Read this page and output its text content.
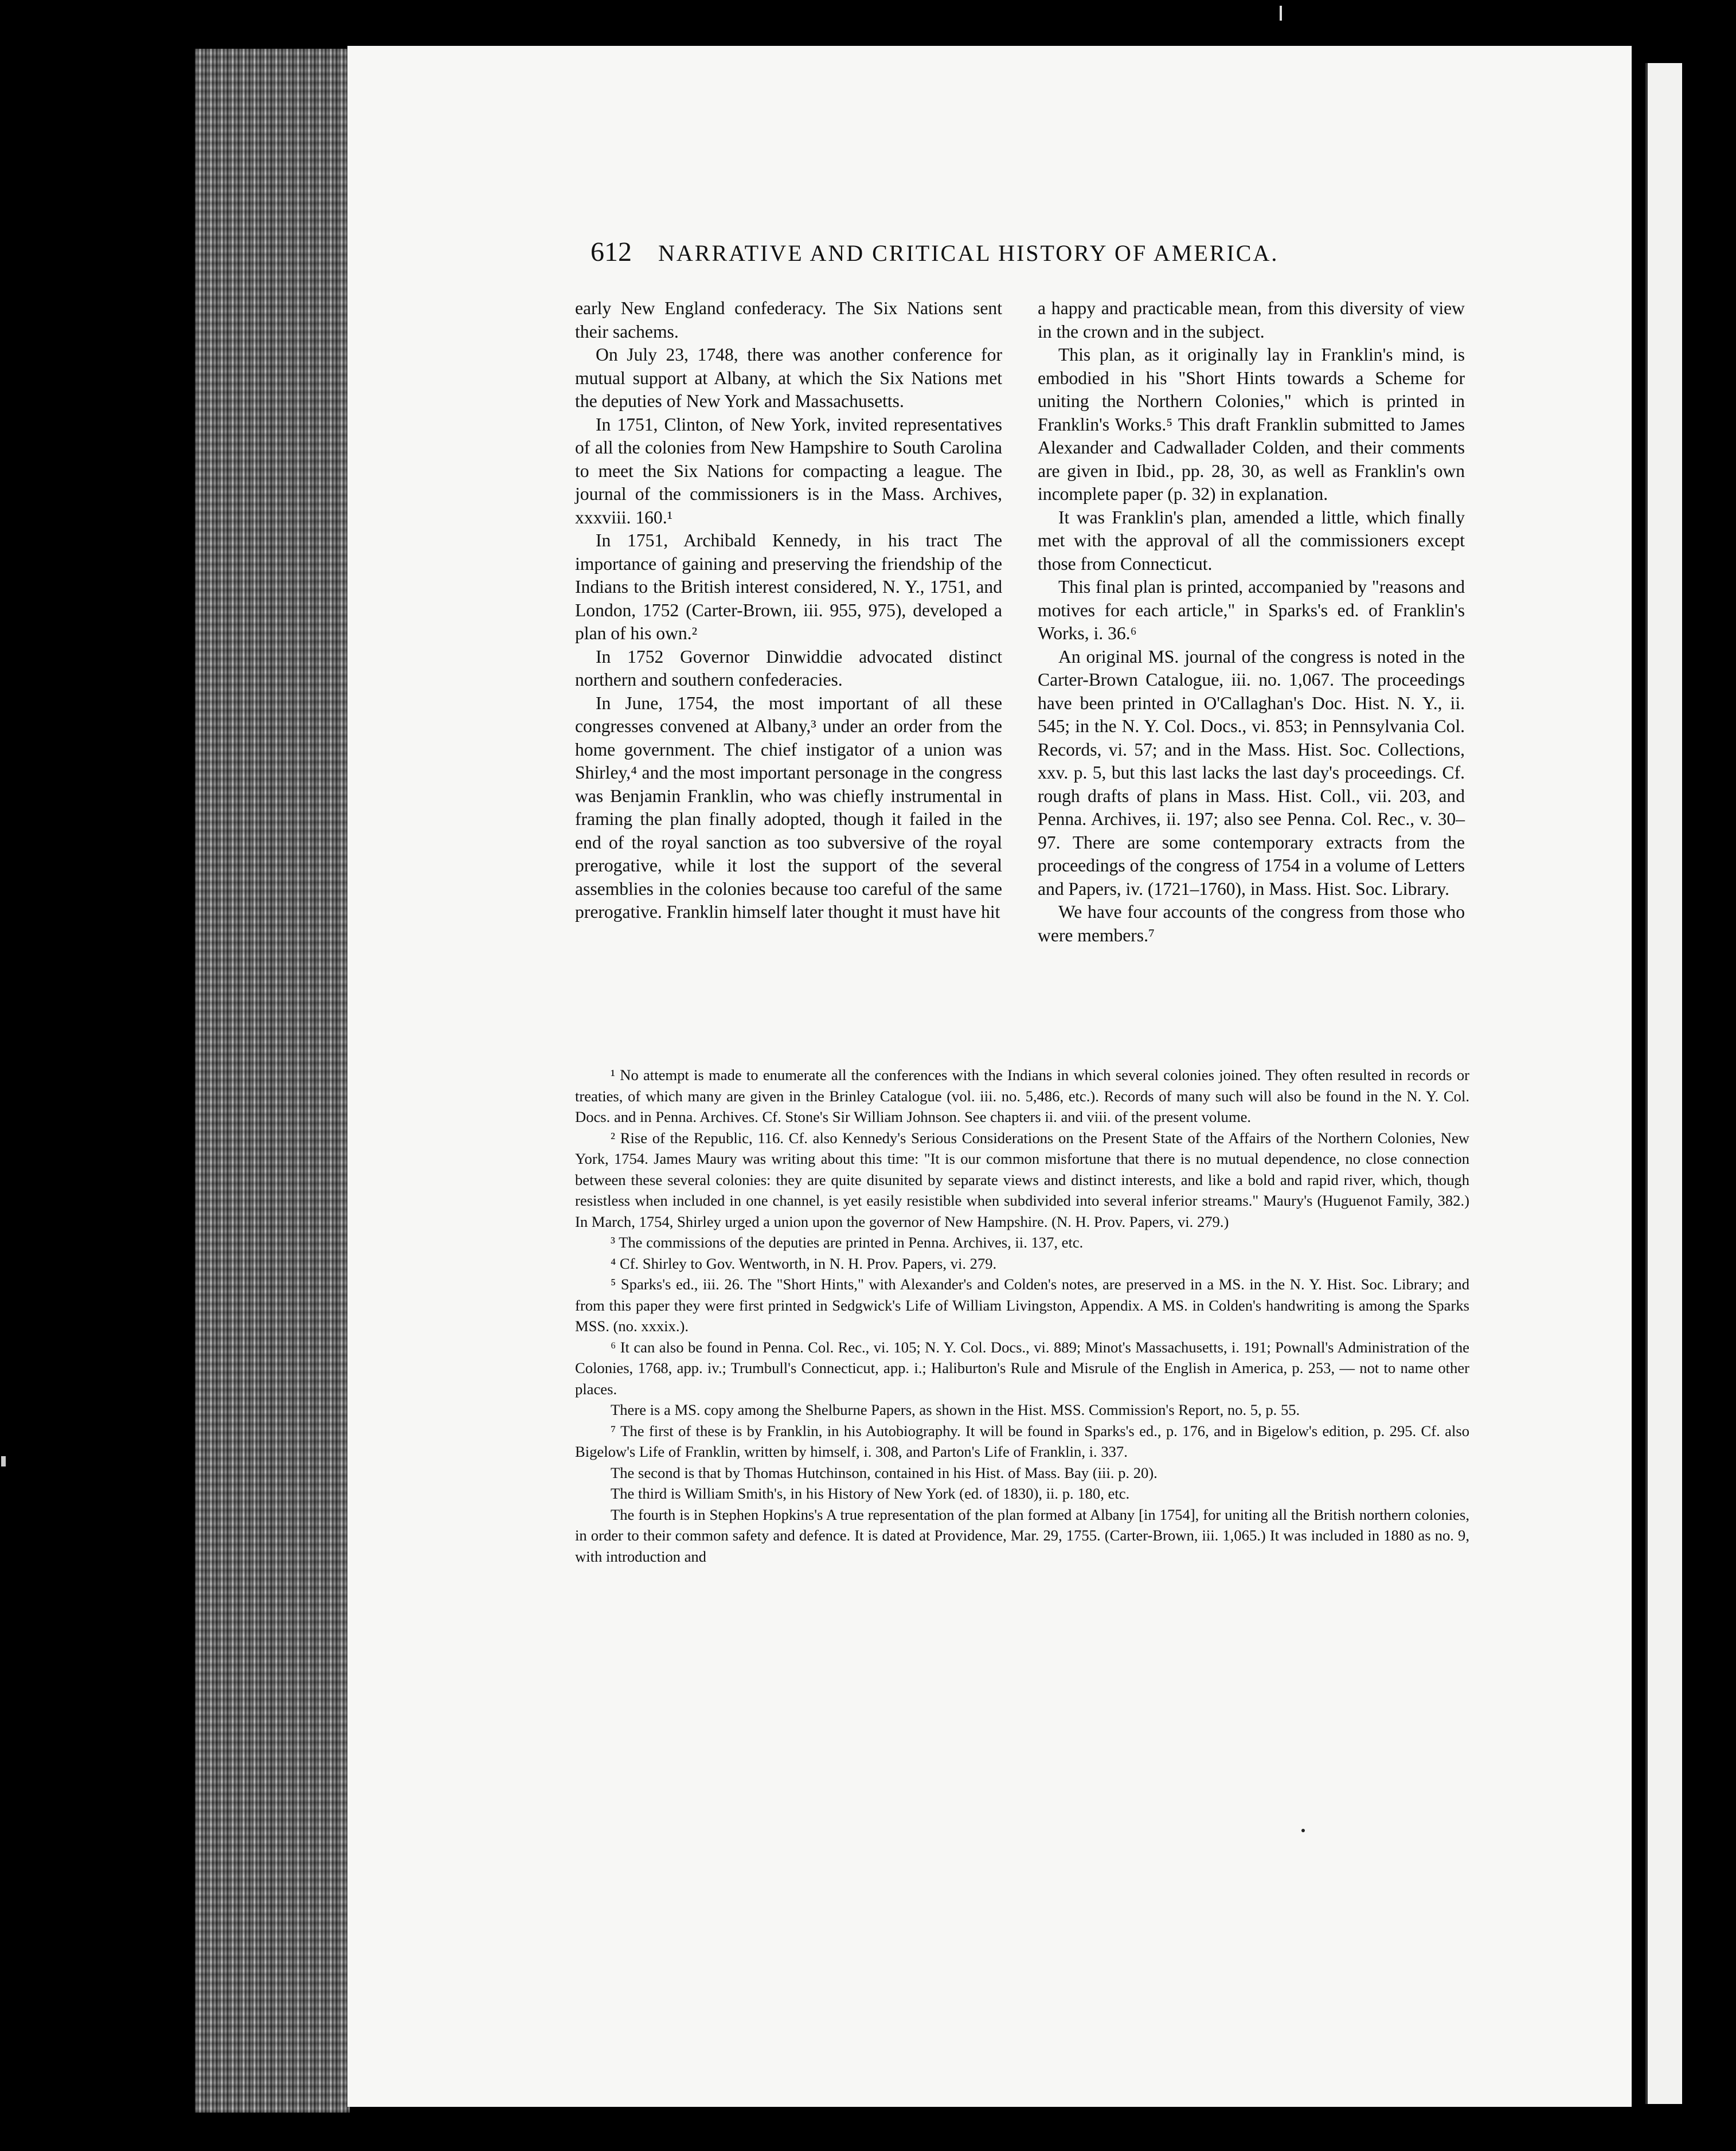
612 NARRATIVE AND CRITICAL HISTORY OF AMERICA.

early New England confederacy. The Six Nations sent their sachems.

On July 23, 1748, there was another conference for mutual support at Albany, at which the Six Nations met the deputies of New York and Massachusetts.

In 1751, Clinton, of New York, invited representatives of all the colonies from New Hampshire to South Carolina to meet the Six Nations for compacting a league. The journal of the commissioners is in the Mass. Archives, xxxviii. 160.¹

In 1751, Archibald Kennedy, in his tract The importance of gaining and preserving the friendship of the Indians to the British interest considered, N. Y., 1751, and London, 1752 (Carter-Brown, iii. 955, 975), developed a plan of his own.²

In 1752 Governor Dinwiddie advocated distinct northern and southern confederacies.

In June, 1754, the most important of all these congresses convened at Albany,³ under an order from the home government. The chief instigator of a union was Shirley,⁴ and the most important personage in the congress was Benjamin Franklin, who was chiefly instrumental in framing the plan finally adopted, though it failed in the end of the royal sanction as too subversive of the royal prerogative, while it lost the support of the several assemblies in the colonies because too careful of the same prerogative. Franklin himself later thought it must have hit

a happy and practicable mean, from this diversity of view in the crown and in the subject.

This plan, as it originally lay in Franklin's mind, is embodied in his "Short Hints towards a Scheme for uniting the Northern Colonies," which is printed in Franklin's Works.⁵ This draft Franklin submitted to James Alexander and Cadwallader Colden, and their comments are given in Ibid., pp. 28, 30, as well as Franklin's own incomplete paper (p. 32) in explanation.

It was Franklin's plan, amended a little, which finally met with the approval of all the commissioners except those from Connecticut.

This final plan is printed, accompanied by "reasons and motives for each article," in Sparks's ed. of Franklin's Works, i. 36.⁶

An original MS. journal of the congress is noted in the Carter-Brown Catalogue, iii. no. 1,067. The proceedings have been printed in O'Callaghan's Doc. Hist. N. Y., ii. 545; in the N. Y. Col. Docs., vi. 853; in Pennsylvania Col. Records, vi. 57; and in the Mass. Hist. Soc. Collections, xxv. p. 5, but this last lacks the last day's proceedings. Cf. rough drafts of plans in Mass. Hist. Coll., vii. 203, and Penna. Archives, ii. 197; also see Penna. Col. Rec., v. 30–97. There are some contemporary extracts from the proceedings of the congress of 1754 in a volume of Letters and Papers, iv. (1721–1760), in Mass. Hist. Soc. Library.

We have four accounts of the congress from those who were members.⁷

¹ No attempt is made to enumerate all the conferences with the Indians in which several colonies joined. They often resulted in records or treaties, of which many are given in the Brinley Catalogue (vol. iii. no. 5,486, etc.). Records of many such will also be found in the N. Y. Col. Docs. and in Penna. Archives. Cf. Stone's Sir William Johnson. See chapters ii. and viii. of the present volume.

² Rise of the Republic, 116. Cf. also Kennedy's Serious Considerations on the Present State of the Affairs of the Northern Colonies, New York, 1754. James Maury was writing about this time: "It is our common misfortune that there is no mutual dependence, no close connection between these several colonies: they are quite disunited by separate views and distinct interests, and like a bold and rapid river, which, though resistless when included in one channel, is yet easily resistible when subdivided into several inferior streams." Maury's (Huguenot Family, 382.) In March, 1754, Shirley urged a union upon the governor of New Hampshire. (N. H. Prov. Papers, vi. 279.)

³ The commissions of the deputies are printed in Penna. Archives, ii. 137, etc.

⁴ Cf. Shirley to Gov. Wentworth, in N. H. Prov. Papers, vi. 279.

⁵ Sparks's ed., iii. 26. The "Short Hints," with Alexander's and Colden's notes, are preserved in a MS. in the N. Y. Hist. Soc. Library; and from this paper they were first printed in Sedgwick's Life of William Livingston, Appendix. A MS. in Colden's handwriting is among the Sparks MSS. (no. xxxix.).

⁶ It can also be found in Penna. Col. Rec., vi. 105; N. Y. Col. Docs., vi. 889; Minot's Massachusetts, i. 191; Pownall's Administration of the Colonies, 1768, app. iv.; Trumbull's Connecticut, app. i.; Haliburton's Rule and Misrule of the English in America, p. 253, — not to name other places.

There is a MS. copy among the Shelburne Papers, as shown in the Hist. MSS. Commission's Report, no. 5, p. 55.

⁷ The first of these is by Franklin, in his Autobiography. It will be found in Sparks's ed., p. 176, and in Bigelow's edition, p. 295. Cf. also Bigelow's Life of Franklin, written by himself, i. 308, and Parton's Life of Franklin, i. 337.

The second is that by Thomas Hutchinson, contained in his Hist. of Mass. Bay (iii. p. 20).

The third is William Smith's, in his History of New York (ed. of 1830), ii. p. 180, etc.

The fourth is in Stephen Hopkins's A true representation of the plan formed at Albany [in 1754], for uniting all the British northern colonies, in order to their common safety and defence. It is dated at Providence, Mar. 29, 1755. (Carter-Brown, iii. 1,065.) It was included in 1880 as no. 9, with introduction and
